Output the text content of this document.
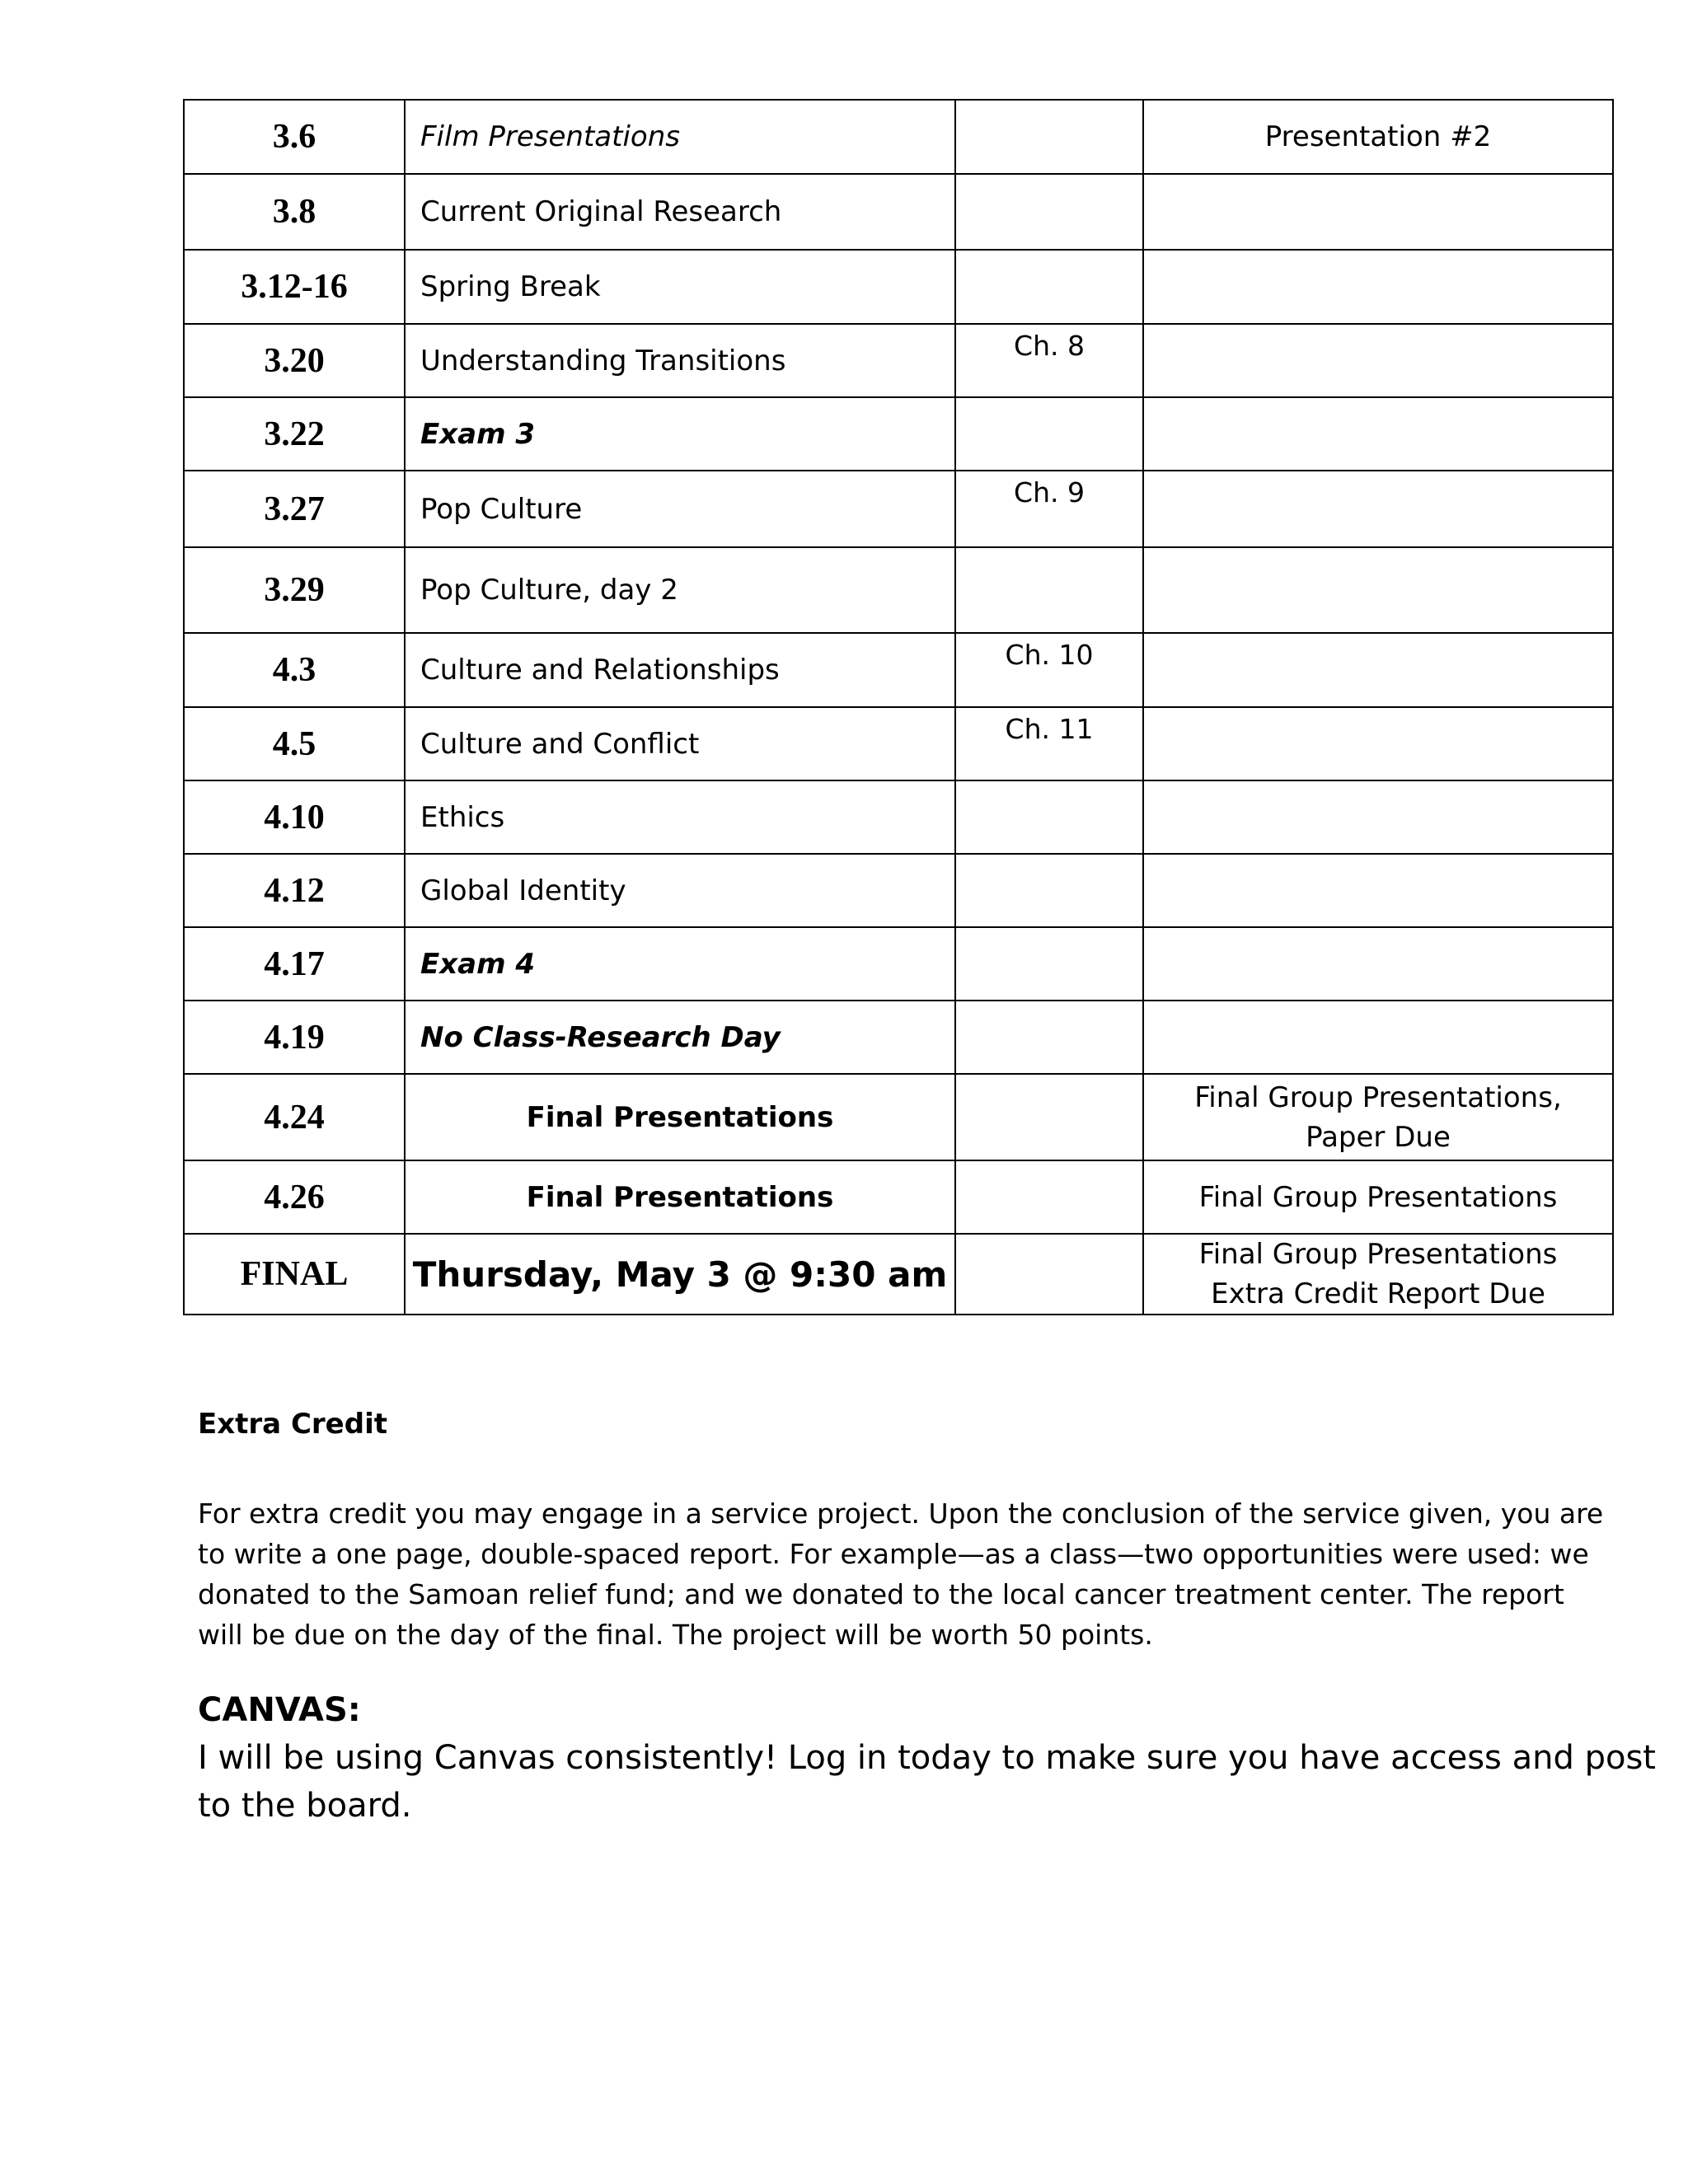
3.6	Film Presentations		Presentation #2
3.8	Current Original Research		
3.12-16	Spring Break		
3.20	Understanding Transitions	Ch. 8	
3.22	Exam 3		
3.27	Pop Culture	Ch. 9	
3.29	Pop Culture, day 2		
4.3	Culture and Relationships	Ch. 10	
4.5	Culture and Conflict	Ch. 11	
4.10	Ethics		
4.12	Global Identity		
4.17	Exam 4		
4.19	No Class-Research Day		
4.24	Final Presentations		Final Group Presentations,
Paper Due

4.26	Final Presentations		Final Group Presentations
FINAL	Thursday, May 3 @ 9:30 am		Final Group Presentations
Extra Credit Report Due
Extra Credit
For extra credit you may engage in a service project. Upon the conclusion of the service given, you are
to write a one page, double-spaced report. For example—as a class—two opportunities were used: we
donated to the Samoan relief fund; and we donated to the local cancer treatment center. The report
will be due on the day of the final. The project will be worth 50 points.
CANVAS:
I will be using Canvas consistently! Log in today to make sure you have access and post
to the board.
